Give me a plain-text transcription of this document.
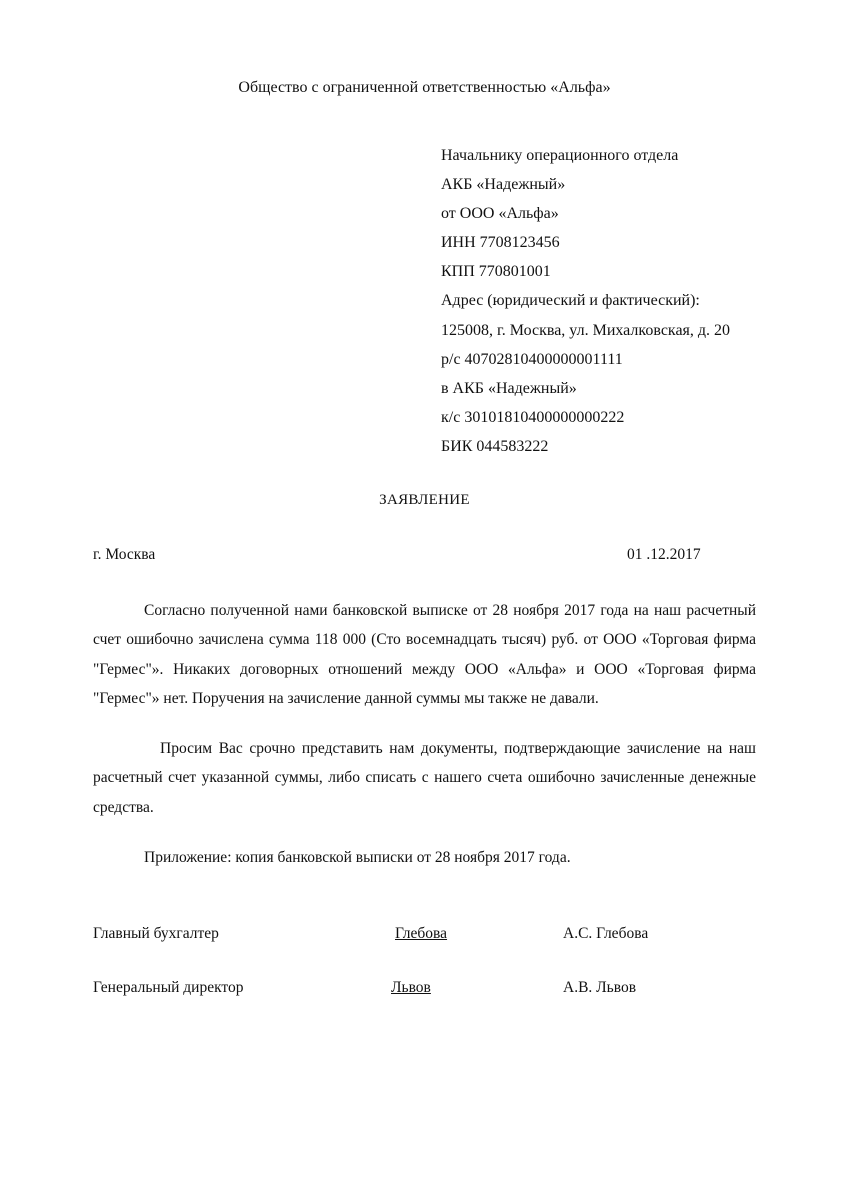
Общество с ограниченной ответственностью «Альфа»
Начальнику операционного отдела
АКБ «Надежный»
от ООО «Альфа»
ИНН 7708123456
КПП 770801001
Адрес (юридический и фактический):
125008, г. Москва, ул. Михалковская, д. 20
р/с 40702810400000001111
в АКБ «Надежный»
к/с 30101810400000000222
БИК 044583222
ЗАЯВЛЕНИЕ
г. Москва	01 .12.2017
Согласно полученной нами банковской выписке от 28 ноября 2017 года на наш расчетный
счет ошибочно зачислена сумма 118 000 (Сто восемнадцать тысяч) руб. от ООО «Торговая фирма
"Гермес"». Никаких договорных отношений между ООО «Альфа» и ООО «Торговая фирма
"Гермес"» нет. Поручения на зачисление данной суммы мы также не давали.
Просим Вас срочно представить нам документы, подтверждающие зачисление на наш
расчетный счет указанной суммы, либо списать с нашего счета ошибочно зачисленные денежные
средства.
Приложение: копия банковской выписки от 28 ноября 2017 года.
Главный бухгалтер	Глебова	А.С. Глебова
Генеральный директор	Львов	А.В. Львов
